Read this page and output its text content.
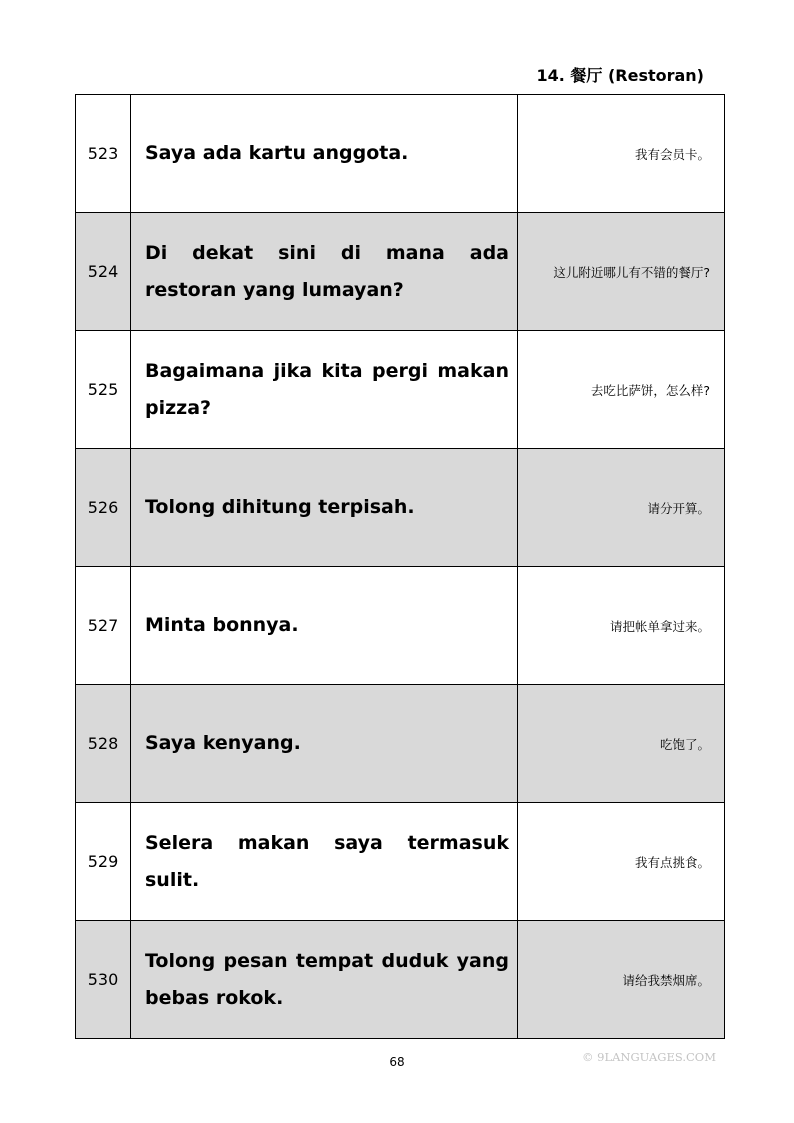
14. 餐厅 (Restoran)
523	Saya ada kartu anggota.	我有会员卡。
524	Di dekat sini di mana ada restoran yang lumayan?	这儿附近哪儿有不错的餐厅?
525	Bagaimana jika kita pergi makan pizza?	去吃比萨饼，怎么样?
526	Tolong dihitung terpisah.	请分开算。
527	Minta bonnya.	请把帐单拿过来。
528	Saya kenyang.	吃饱了。
529	Selera makan saya termasuk sulit.	我有点挑食。
530	Tolong pesan tempat duduk yang bebas rokok.	请给我禁烟席。
68	© 9LANGUAGES.COM
